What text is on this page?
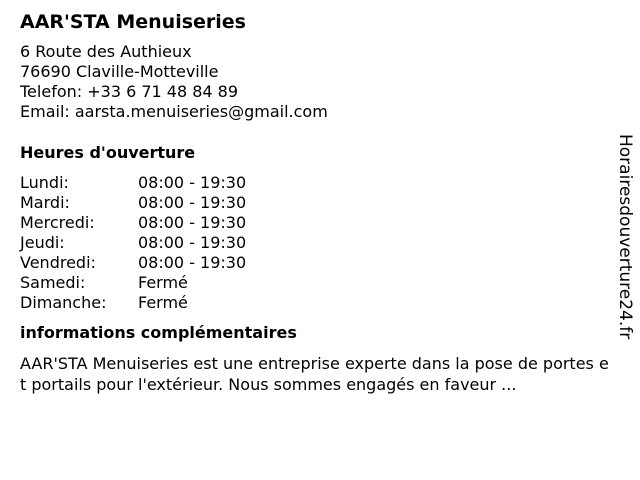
AAR'STA Menuiseries
6 Route des Authieux
76690 Claville-Motteville
Telefon: +33 6 71 48 84 89
Email: aarsta.menuiseries@gmail.com
Heures d'ouverture
Lundi:	08:00 - 19:30
Mardi:	08:00 - 19:30
Mercredi:	08:00 - 19:30
Jeudi:	08:00 - 19:30
Vendredi:	08:00 - 19:30
Samedi:	Fermé
Dimanche:	Fermé
informations complémentaires
AAR'STA Menuiseries est une entreprise experte dans la pose de portes et portails pour l'extérieur. Nous sommes engagés en faveur ...
Horairesdouverture24.fr
